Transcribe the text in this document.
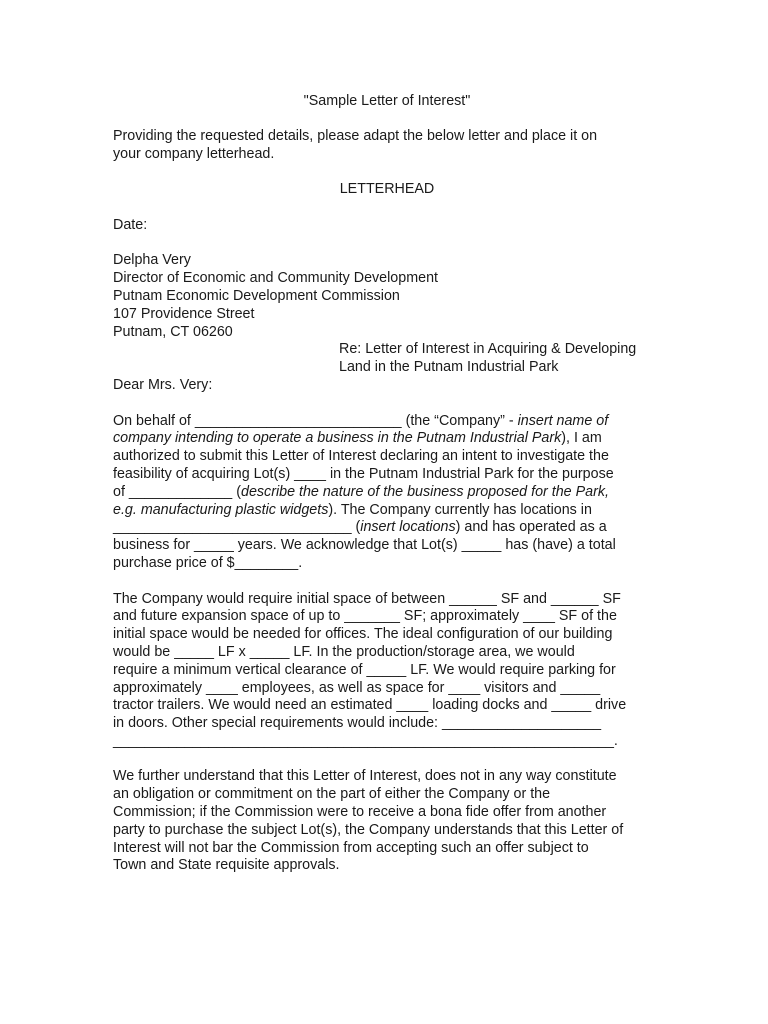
"Sample Letter of Interest"
Providing the requested details, please adapt the below letter and place it on
your company letterhead.
LETTERHEAD
Date:
Delpha Very
Director of Economic and Community Development
Putnam Economic Development Commission
107 Providence Street
Putnam, CT 06260
Re: Letter of Interest in Acquiring & Developing
Land in the Putnam Industrial Park
Dear Mrs. Very:
On behalf of __________________________ (the “Company” - insert name of
company intending to operate a business in the Putnam Industrial Park), I am
authorized to submit this Letter of Interest declaring an intent to investigate the
feasibility of acquiring Lot(s) ____ in the Putnam Industrial Park for the purpose
of _____________ (describe the nature of the business proposed for the Park,
e.g. manufacturing plastic widgets). The Company currently has locations in
______________________________ (insert locations) and has operated as a
business for _____ years. We acknowledge that Lot(s) _____ has (have) a total
purchase price of $________.
The Company would require initial space of between ______ SF and ______ SF
and future expansion space of up to _______ SF; approximately ____ SF of the
initial space would be needed for offices. The ideal configuration of our building
would be _____ LF x _____ LF. In the production/storage area, we would
require a minimum vertical clearance of _____ LF. We would require parking for
approximately ____ employees, as well as space for ____ visitors and _____
tractor trailers. We would need an estimated ____ loading docks and _____ drive
in doors. Other special requirements would include: ____________________
_______________________________________________________________.
We further understand that this Letter of Interest, does not in any way constitute
an obligation or commitment on the part of either the Company or the
Commission; if the Commission were to receive a bona fide offer from another
party to purchase the subject Lot(s), the Company understands that this Letter of
Interest will not bar the Commission from accepting such an offer subject to
Town and State requisite approvals.
